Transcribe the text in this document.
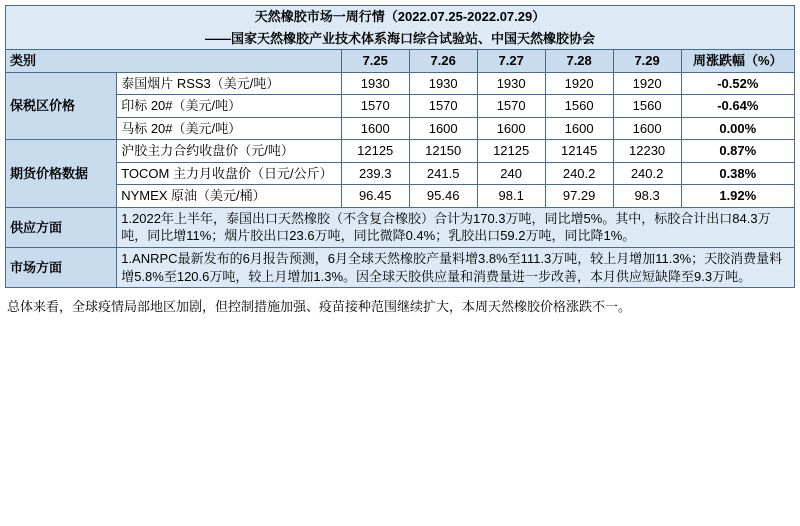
天然橡胶市场一周行情（2022.07.25-2022.07.29）							
――国家天然橡胶产业技术体系海口综合试验站、中国天然橡胶协会							
类别		7.25	7.26	7.27	7.28	7.29	周涨跌幅（%）
保税区价格	泰国烟片 RSS3（美元/吨）	1930	1930	1930	1920	1920	-0.52%
	印标 20#（美元/吨）	1570	1570	1570	1560	1560	-0.64%
	马标 20#（美元/吨）	1600	1600	1600	1600	1600	0.00%
期货价格数据	沪胶主力合约收盘价（元/吨）	12125	12150	12125	12145	12230	0.87%
	TOCOM 主力月收盘价（日元/公斤）	239.3	241.5	240	240.2	240.2	0.38%
	NYMEX 原油（美元/桶）	96.45	95.46	98.1	97.29	98.3	1.92%
供应方面	1.2022年上半年，泰国出口天然橡胶（不含复合橡胶）合计为170.3万吨，同比增5%。其中，标胶合计出口84.3万吨，同比增11%；烟片胶出口23.6万吨，同比微降0.4%；乳胶出口59.2万吨，同比降1%。						
市场方面	1.ANRPC最新发布的6月报告预测，6月全球天然橡胶产量料增3.8%至111.3万吨，较上月增加11.3%；天胶消费量料增5.8%至120.6万吨，较上月增加1.3%。因全球天胶供应量和消费量进一步改善，本月供应短缺降至9.3万吨。						
总体来看，全球疫情局部地区加剧，但控制措施加强、疫苗接种范围继续扩大，本周天然橡胶价格涨跌不一。
